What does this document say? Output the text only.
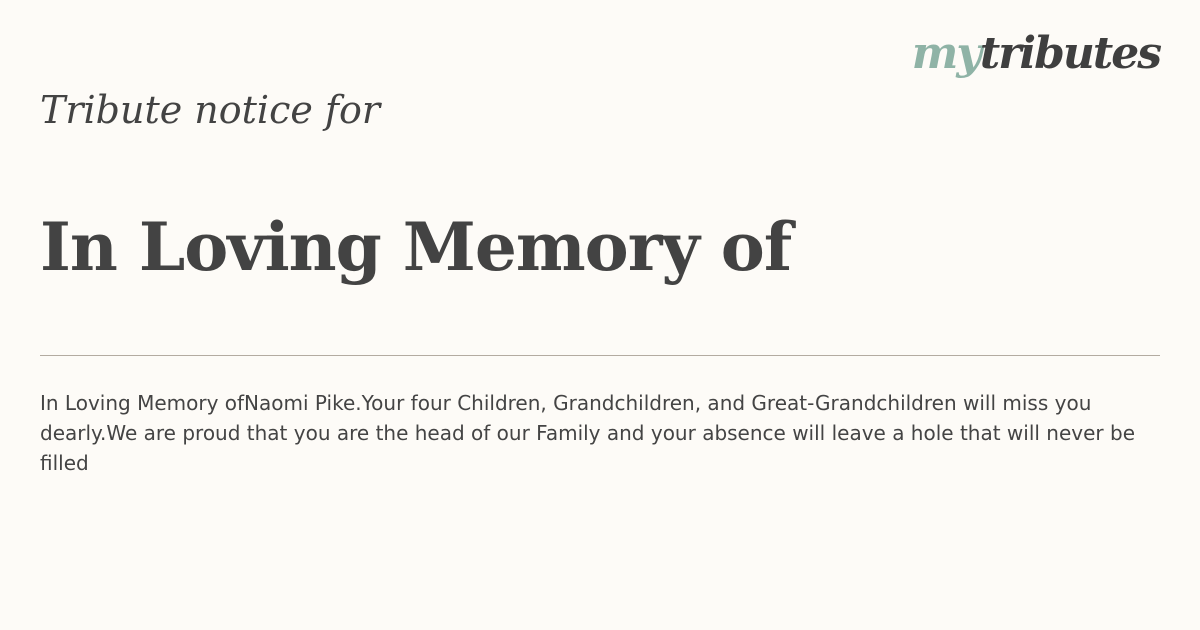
mytributes
Tribute notice for
In Loving Memory of
In Loving Memory ofNaomi Pike.Your four Children, Grandchildren, and Great-Grandchildren will miss you dearly.We are proud that you are the head of our Family and your absence will leave a hole that will never be filled
